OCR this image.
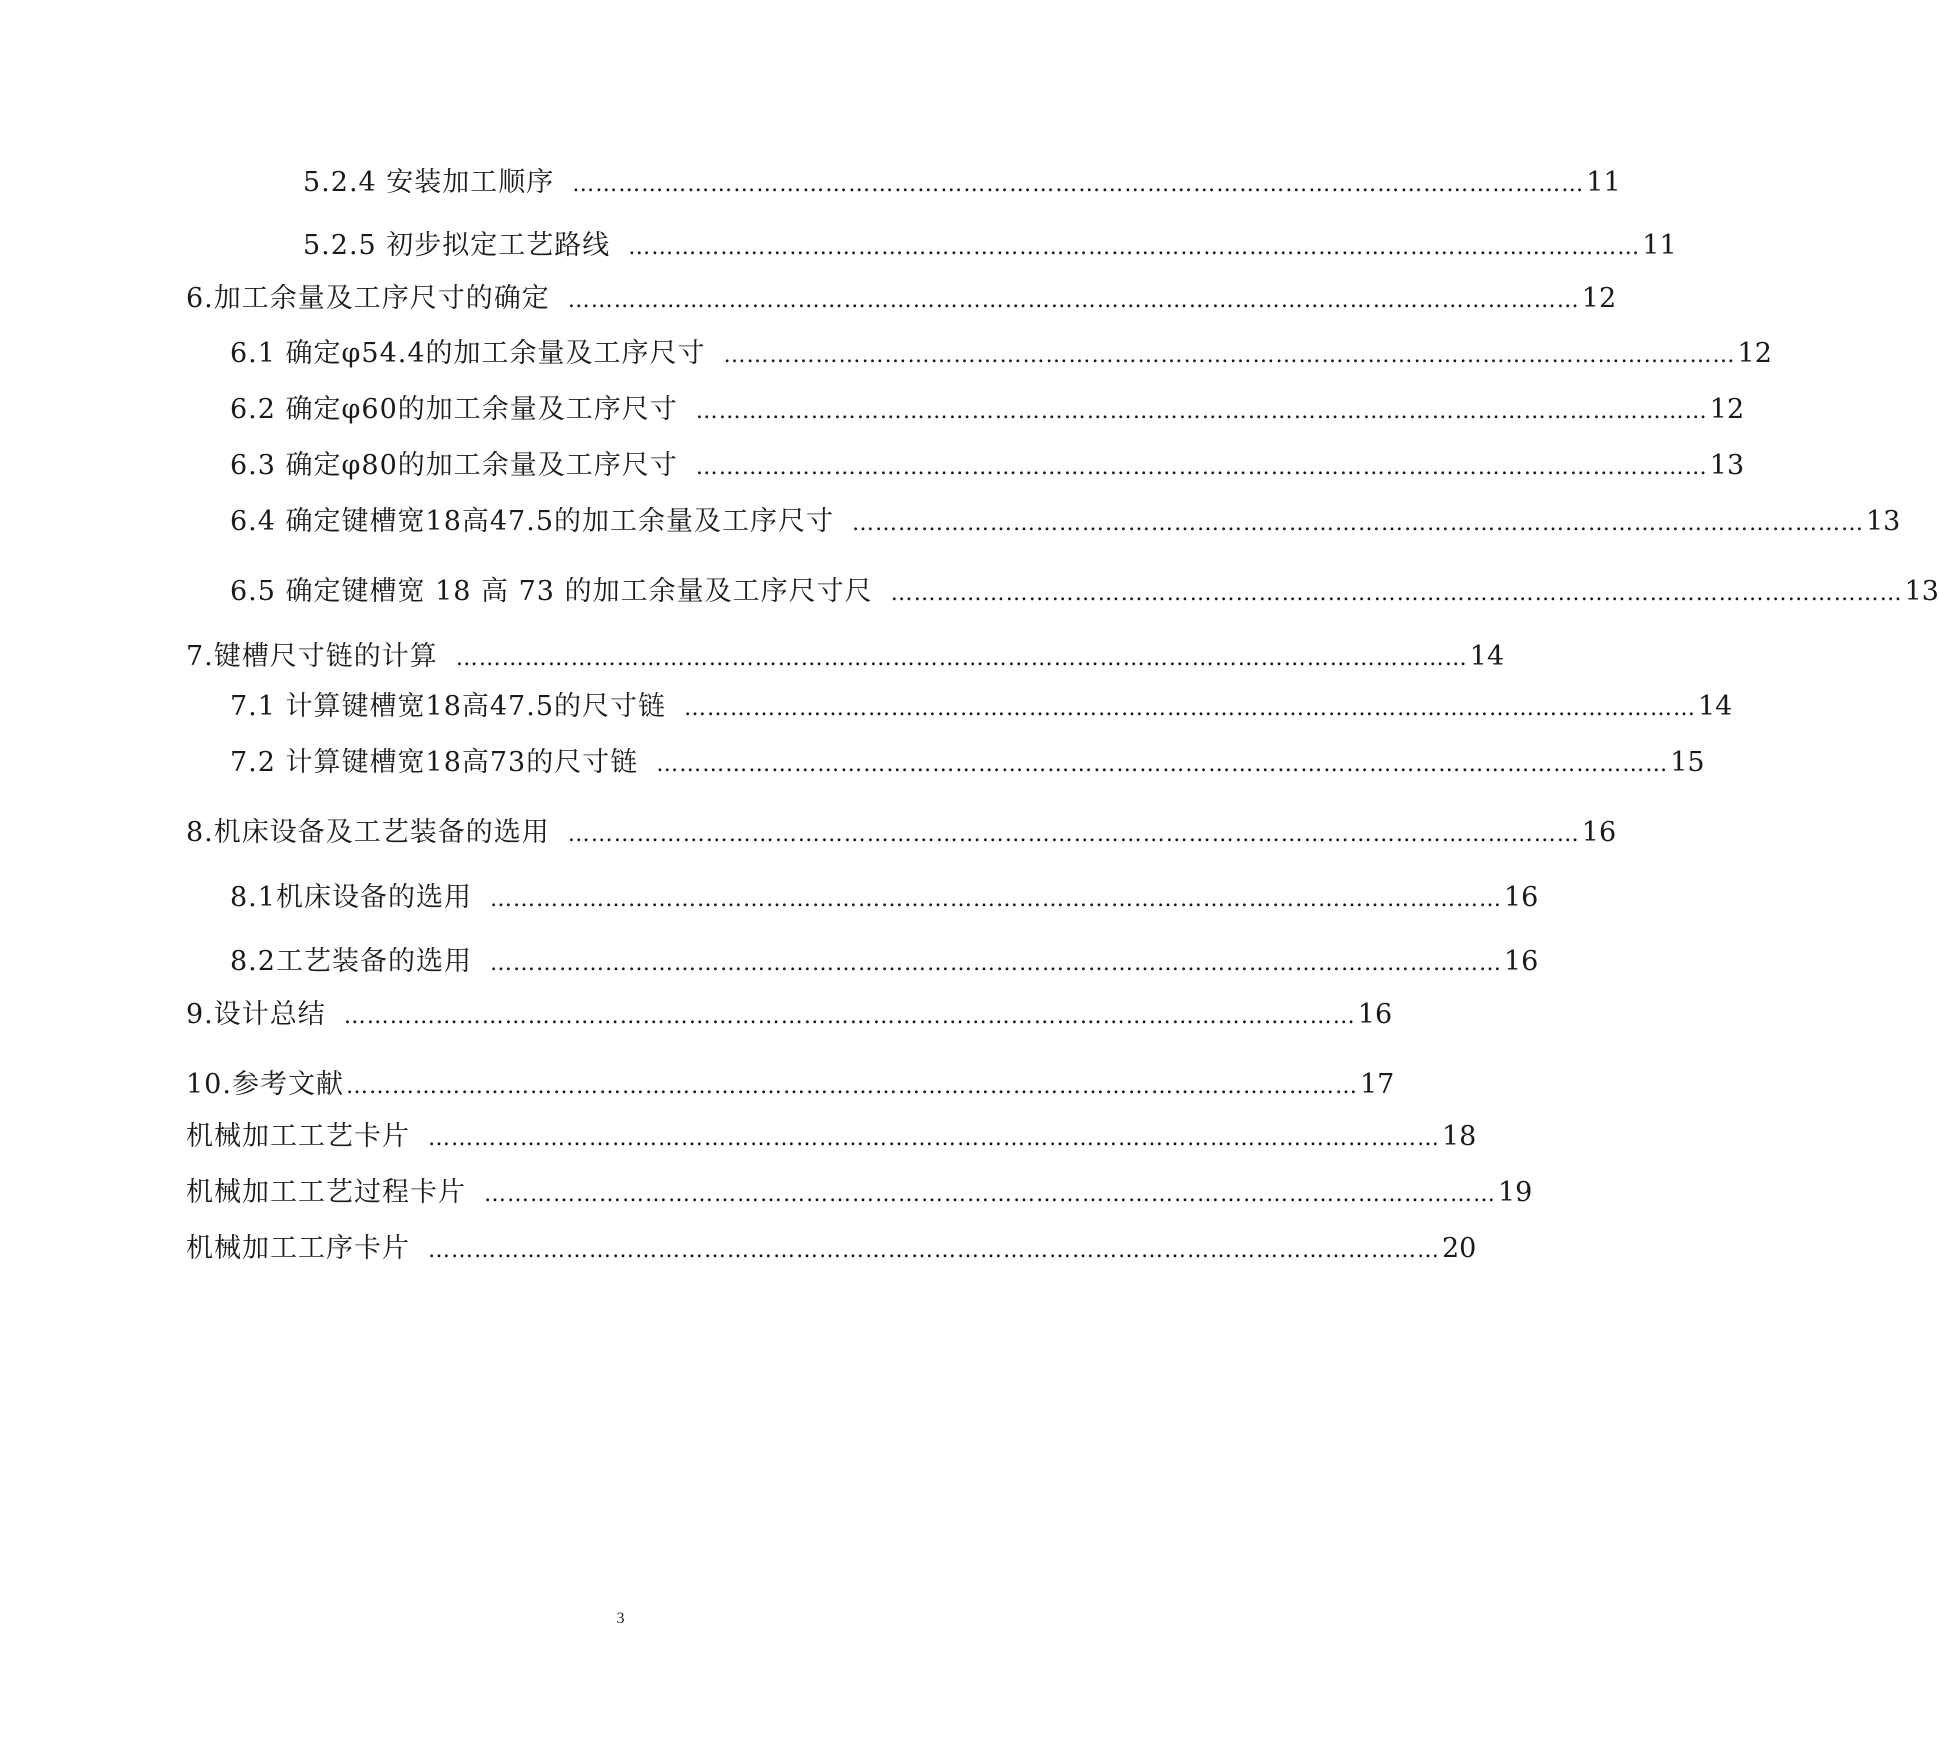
5.2.4 安装加工顺序 …………………………………………………………………………………………………………………… 11
5.2.5 初步拟定工艺路线 …………………………………………………………………………………………………………………… 11
6.加工余量及工序尺寸的确定 …………………………………………………………………………………………………………………… 12
6.1 确定φ54.4的加工余量及工序尺寸 …………………………………………………………………………………………………………………… 12
6.2 确定φ60的加工余量及工序尺寸 …………………………………………………………………………………………………………………… 12
6.3 确定φ80的加工余量及工序尺寸 …………………………………………………………………………………………………………………… 13
6.4 确定键槽宽18高47.5的加工余量及工序尺寸 …………………………………………………………………………………………………………………… 13
6.5 确定键槽宽 18 高 73 的加工余量及工序尺寸尺 …………………………………………………………………………………………………………………… 13
7.键槽尺寸链的计算 …………………………………………………………………………………………………………………… 14
7.1 计算键槽宽18高47.5的尺寸链 …………………………………………………………………………………………………………………… 14
7.2 计算键槽宽18高73的尺寸链 …………………………………………………………………………………………………………………… 15
8.机床设备及工艺装备的选用 …………………………………………………………………………………………………………………… 16
8.1机床设备的选用 …………………………………………………………………………………………………………………… 16
8.2工艺装备的选用 …………………………………………………………………………………………………………………… 16
9.设计总结 …………………………………………………………………………………………………………………… 16
10.参考文献 …………………………………………………………………………………………………………………… 17
机械加工工艺卡片 …………………………………………………………………………………………………………………… 18
机械加工工艺过程卡片 …………………………………………………………………………………………………………………… 19
机械加工工序卡片 …………………………………………………………………………………………………………………… 20
3
